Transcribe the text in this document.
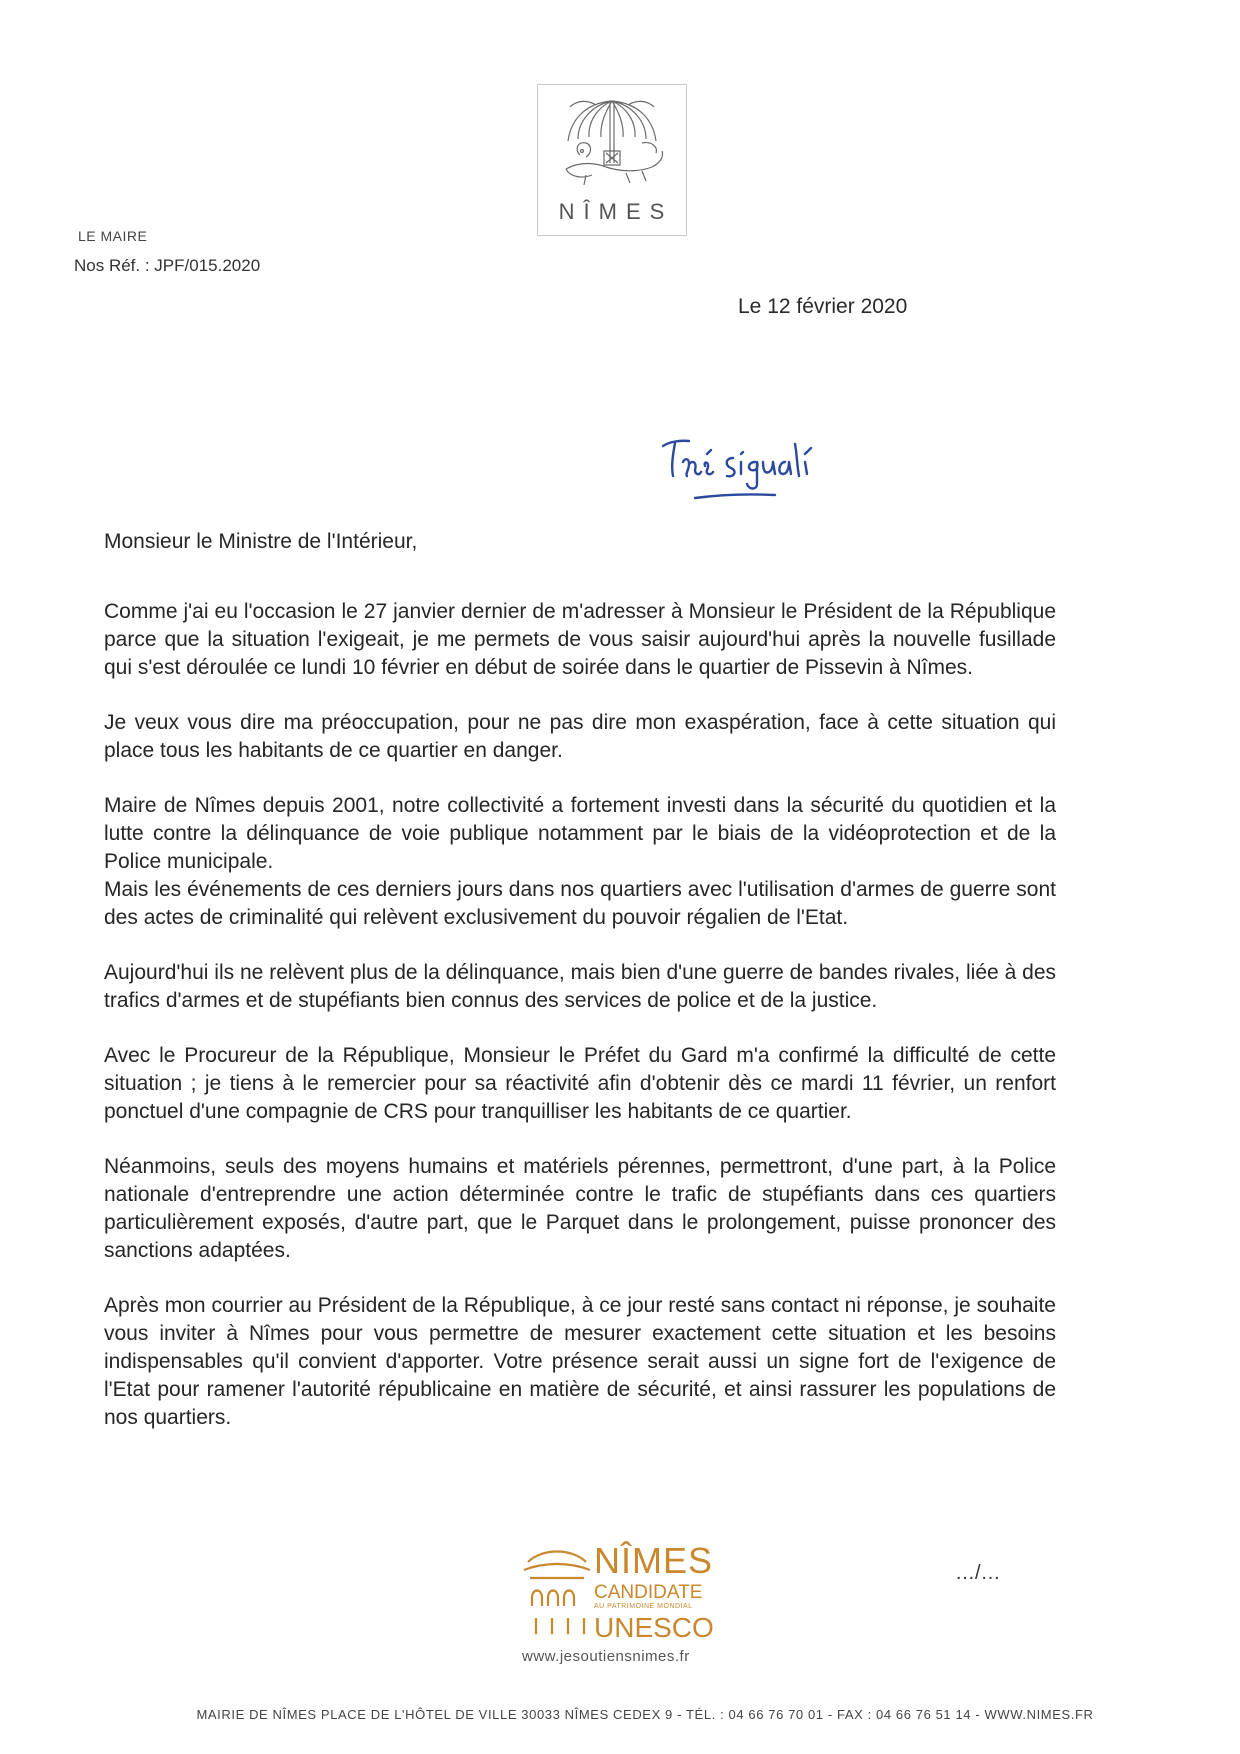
NÎMES
LE MAIRE
Nos Réf. : JPF/015.2020
Le 12 février 2020
Monsieur le Ministre de l'Intérieur,

Comme j'ai eu l'occasion le 27 janvier dernier de m'adresser à Monsieur le Président de la République parce que la situation l'exigeait, je me permets de vous saisir aujourd'hui après la nouvelle fusillade qui s'est déroulée ce lundi 10 février en début de soirée dans le quartier de Pissevin à Nîmes.

Je veux vous dire ma préoccupation, pour ne pas dire mon exaspération, face à cette situation qui place tous les habitants de ce quartier en danger.

Maire de Nîmes depuis 2001, notre collectivité a fortement investi dans la sécurité du quotidien et la lutte contre la délinquance de voie publique notamment par le biais de la vidéoprotection et de la Police municipale.

Mais les événements de ces derniers jours dans nos quartiers avec l'utilisation d'armes de guerre sont des actes de criminalité qui relèvent exclusivement du pouvoir régalien de l'Etat.

Aujourd'hui ils ne relèvent plus de la délinquance, mais bien d'une guerre de bandes rivales, liée à des trafics d'armes et de stupéfiants bien connus des services de police et de la justice.

Avec le Procureur de la République, Monsieur le Préfet du Gard m'a confirmé la difficulté de cette situation ; je tiens à le remercier pour sa réactivité afin d'obtenir dès ce mardi 11 février, un renfort ponctuel d'une compagnie de CRS pour tranquilliser les habitants de ce quartier.

Néanmoins, seuls des moyens humains et matériels pérennes, permettront, d'une part, à la Police nationale d'entreprendre une action déterminée contre le trafic de stupéfiants dans ces quartiers particulièrement exposés, d'autre part, que le Parquet dans le prolongement, puisse prononcer des sanctions adaptées.

Après mon courrier au Président de la République, à ce jour resté sans contact ni réponse, je souhaite vous inviter à Nîmes pour vous permettre de mesurer exactement cette situation et les besoins indispensables qu'il convient d'apporter. Votre présence serait aussi un signe fort de l'exigence de l'Etat pour ramener l'autorité républicaine en matière de sécurité, et ainsi rassurer les populations de nos quartiers.

NÎMES
CANDIDATE
AU PATRIMOINE MONDIAL
UNESCO
www.jesoutiensnimes.fr
…/…
MAIRIE DE NÎMES PLACE DE L'HÔTEL DE VILLE 30033 NÎMES CEDEX 9 - TÉL. : 04 66 76 70 01 - FAX : 04 66 76 51 14 - WWW.NIMES.FR
